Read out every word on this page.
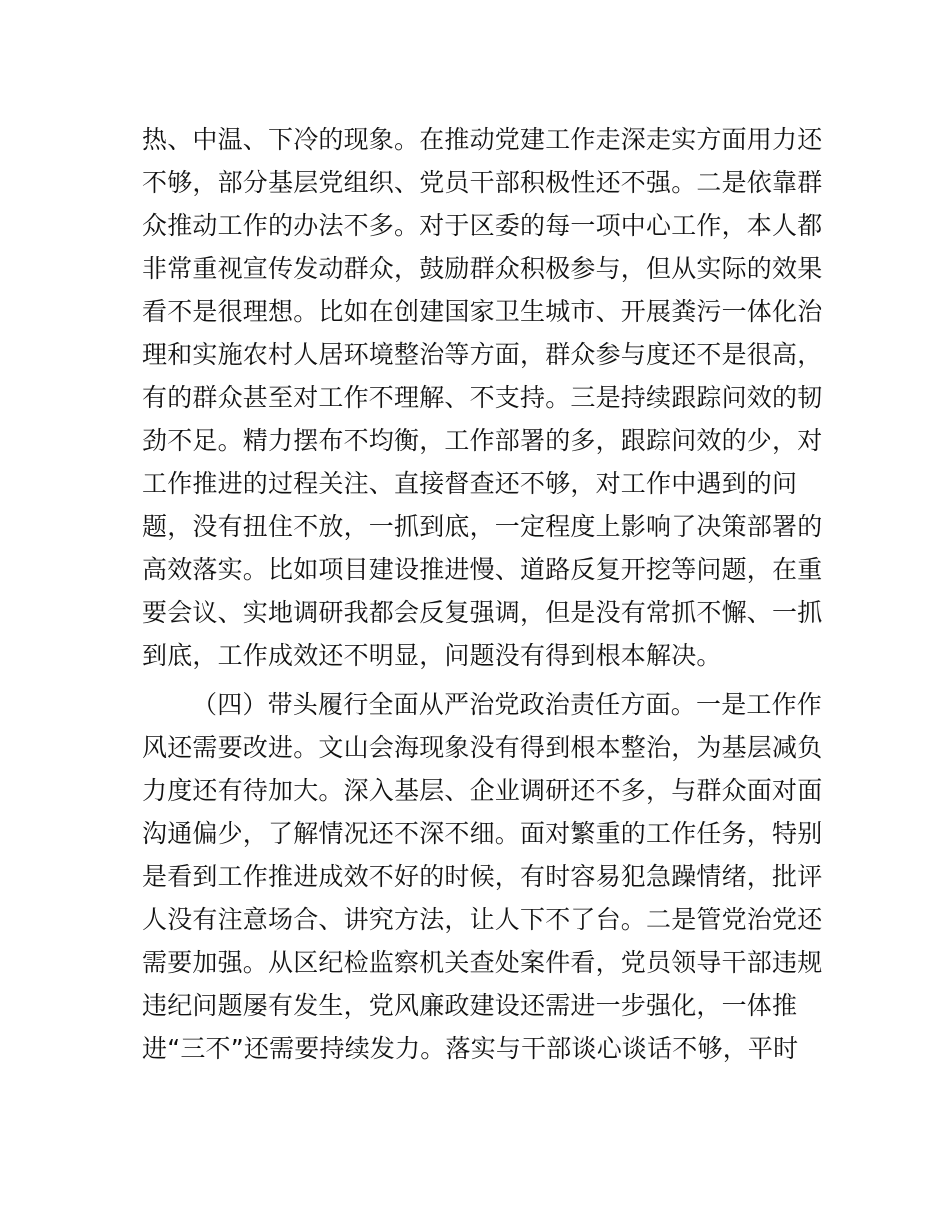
热、中温、下冷的现象。在推动党建工作走深走实方面用力还
不够，部分基层党组织、党员干部积极性还不强。二是依靠群
众推动工作的办法不多。对于区委的每一项中心工作，本人都
非常重视宣传发动群众，鼓励群众积极参与，但从实际的效果
看不是很理想。比如在创建国家卫生城市、开展粪污一体化治
理和实施农村人居环境整治等方面，群众参与度还不是很高，
有的群众甚至对工作不理解、不支持。三是持续跟踪问效的韧
劲不足。精力摆布不均衡，工作部署的多，跟踪问效的少，对
工作推进的过程关注、直接督查还不够，对工作中遇到的问
题，没有扭住不放，一抓到底，一定程度上影响了决策部署的
高效落实。比如项目建设推进慢、道路反复开挖等问题，在重
要会议、实地调研我都会反复强调，但是没有常抓不懈、一抓
到底，工作成效还不明显，问题没有得到根本解决。
（四）带头履行全面从严治党政治责任方面。一是工作作
风还需要改进。文山会海现象没有得到根本整治，为基层减负
力度还有待加大。深入基层、企业调研还不多，与群众面对面
沟通偏少，了解情况还不深不细。面对繁重的工作任务，特别
是看到工作推进成效不好的时候，有时容易犯急躁情绪，批评
人没有注意场合、讲究方法，让人下不了台。二是管党治党还
需要加强。从区纪检监察机关查处案件看，党员领导干部违规
违纪问题屡有发生，党风廉政建设还需进一步强化，一体推
进“三不”还需要持续发力。落实与干部谈心谈话不够，平时
